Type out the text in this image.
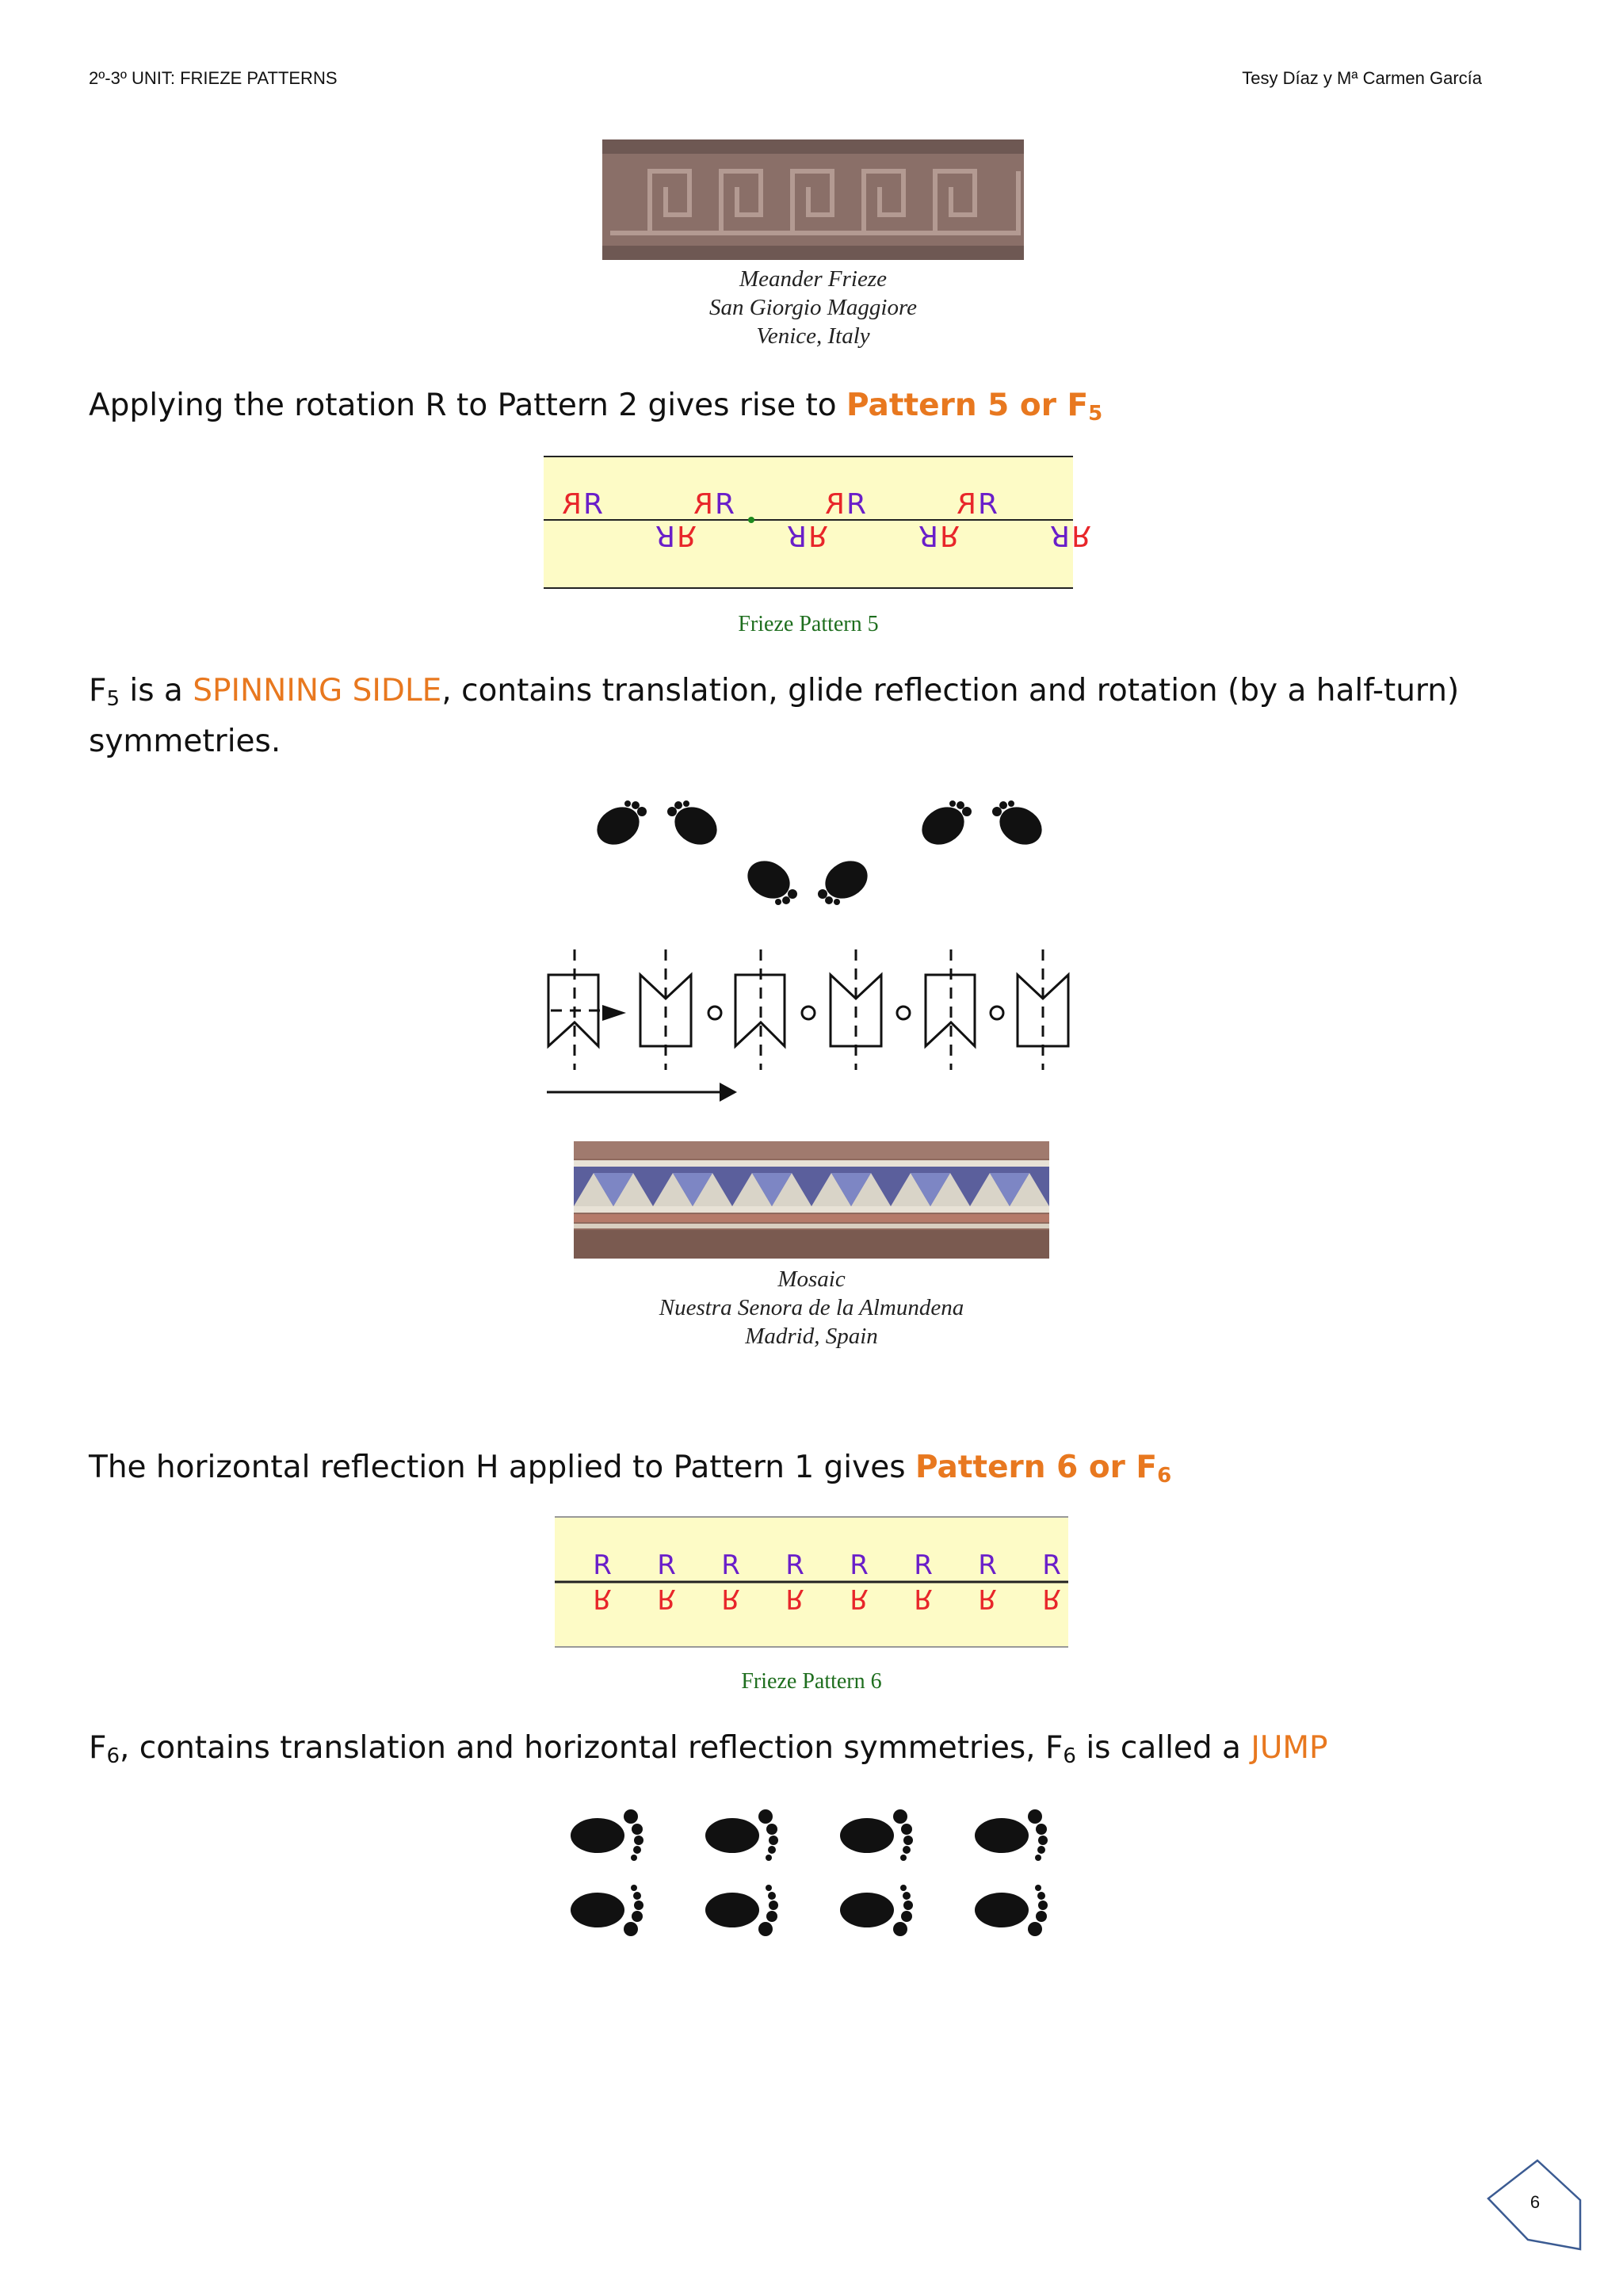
2º-3º UNIT: FRIEZE PATTERNS	Tesy Díaz y Mª Carmen García
Meander Frieze
San Giorgio Maggiore
Venice, Italy
Applying the rotation R to Pattern 2 gives rise to Pattern 5 or $F_5$
R R	R R	R R	R R
R
R	R
R	R
R	R
R
Frieze Pattern 5
$F_5$ is a SPINNING SIDLE, contains translation, glide reflection and rotation (by a half-turn) symmetries.
Mosaic
Nuestra Senora de la Almundena
Madrid, Spain
The horizontal reflection H applied to Pattern 1 gives Pattern 6 or $F_6$
R R R R R R R R
R R R R R R R R
Frieze Pattern 6
$F_6$, contains translation and horizontal reflection symmetries, $F_6$ is called a JUMP
6
